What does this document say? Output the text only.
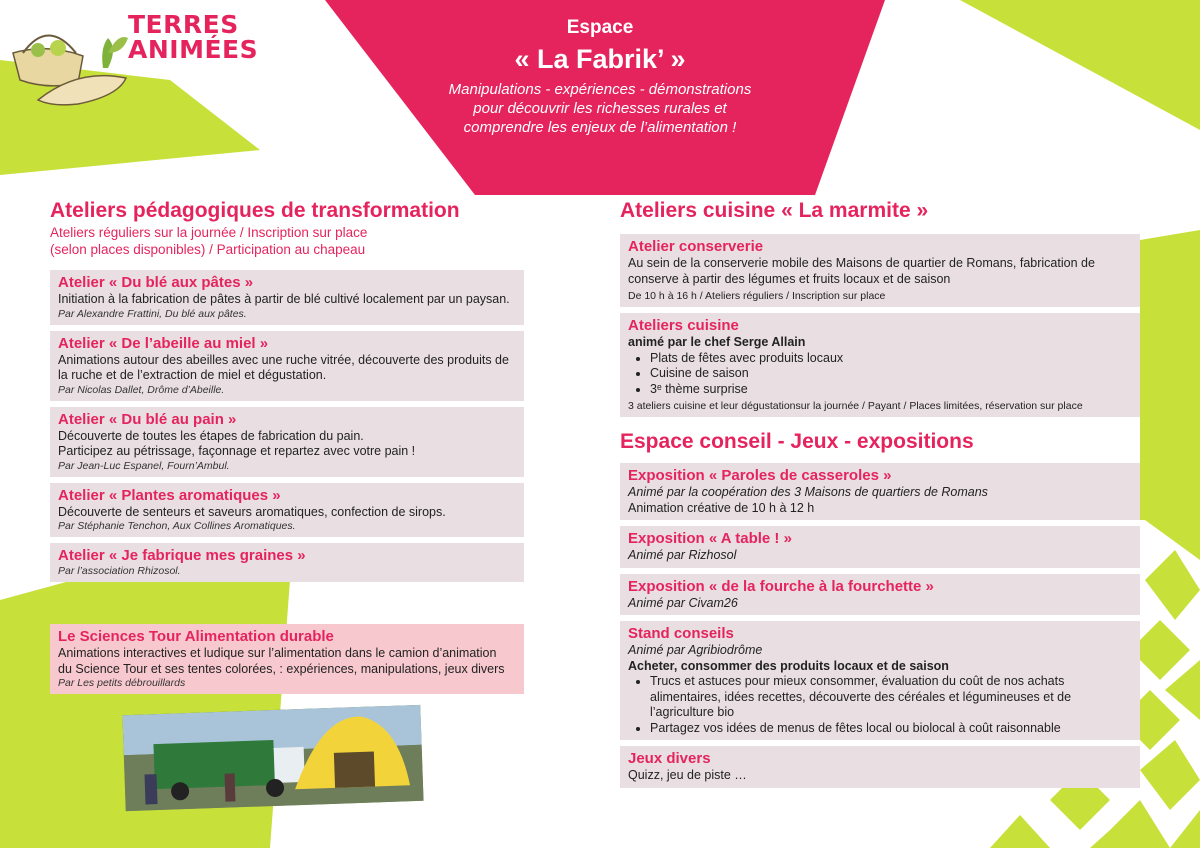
TERRES
ANIMÉES
Espace
« La Fabrik’ »
Manipulations - expériences - démonstrations
pour découvrir les richesses rurales et
comprendre les enjeux de l’alimentation !
Ateliers pédagogiques de transformation
Ateliers réguliers sur la journée / Inscription sur place
(selon places disponibles) / Participation au chapeau
Atelier « Du blé aux pâtes »
Initiation à la fabrication de pâtes à partir de blé cultivé localement par un paysan.
Par Alexandre Frattini, Du blé aux pâtes.
Atelier « De l’abeille au miel »
Animations autour des abeilles avec une ruche vitrée, découverte des produits de
la ruche et de l’extraction de miel et dégustation.
Par Nicolas Dallet, Drôme d’Abeille.
Atelier « Du blé au pain »
Découverte de toutes les étapes de fabrication du pain.
Participez au pétrissage, façonnage et repartez avec votre pain !
Par Jean-Luc Espanel, Fourn’Ambul.
Atelier « Plantes aromatiques »
Découverte de senteurs et saveurs aromatiques, confection de sirops.
Par Stéphanie Tenchon, Aux Collines Aromatiques.
Atelier « Je fabrique mes graines »
Par l’association Rhizosol.
Le Sciences Tour Alimentation durable
Animations interactives et ludique sur l’alimentation dans le camion d’animation
du Science Tour et ses tentes colorées, : expériences, manipulations, jeux divers
Par Les petits débrouillards
Ateliers cuisine « La marmite »
Atelier conserverie
Au sein de la conserverie mobile des Maisons de quartier de Romans, fabrication de
conserve à partir des légumes et fruits locaux et de saison
De 10 h à 16 h / Ateliers réguliers / Inscription sur place
Ateliers cuisine
animé par le chef Serge Allain
• Plats de fêtes avec produits locaux
• Cuisine de saison
• 3ᵉ thème surprise
3 ateliers cuisine et leur dégustationsur la journée / Payant / Places limitées, réservation sur place
Espace conseil - Jeux - expositions
Exposition « Paroles de casseroles »
Animé par la coopération des 3 Maisons de quartiers de Romans
Animation créative de 10 h à 12 h
Exposition « A table ! »
Animé par Rizhosol
Exposition « de la fourche à la fourchette »
Animé par Civam26
Stand conseils
Animé par Agribiodrôme
Acheter, consommer des produits locaux et de saison
• Trucs et astuces pour mieux consommer, évaluation du coût de nos achats
alimentaires, idées recettes, découverte des céréales et légumineuses et de
l’agriculture bio
• Partagez vos idées de menus de fêtes local ou biolocal à coût raisonnable
Jeux divers
Quizz, jeu de piste …
